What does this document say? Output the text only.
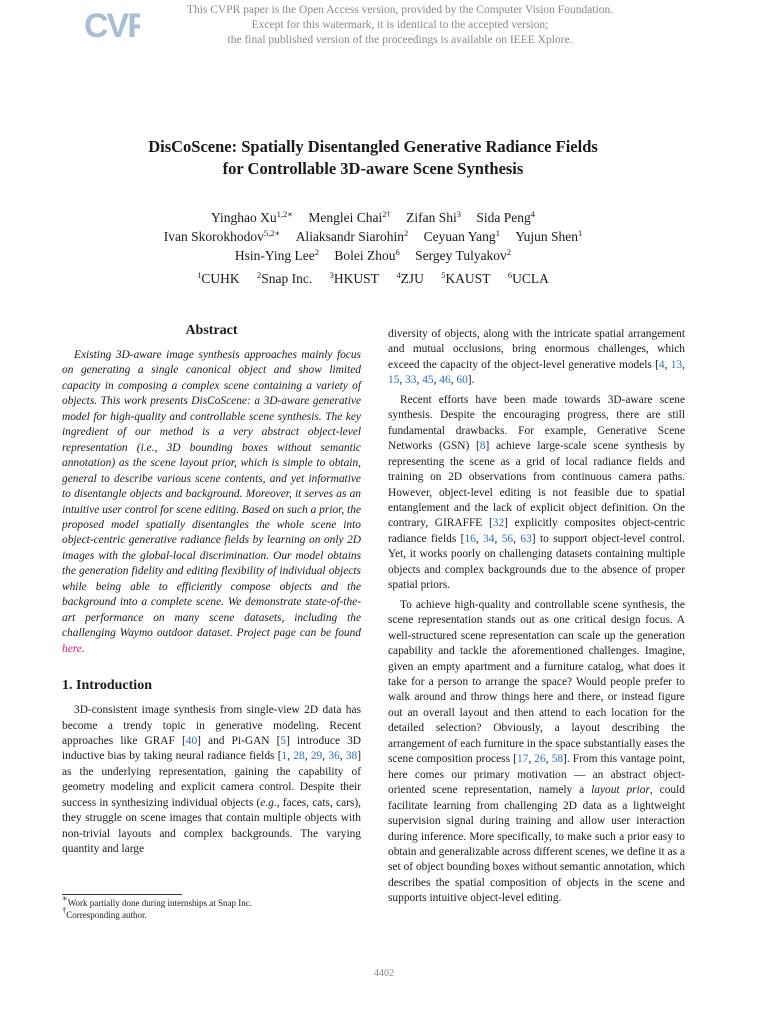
CVF	This CVPR paper is the Open Access version, provided by the Computer Vision Foundation.
Except for this watermark, it is identical to the accepted version;
the final published version of the proceedings is available on IEEE Xplore.
DisCoScene: Spatially Disentangled Generative Radiance Fields
for Controllable 3D-aware Scene Synthesis
Yinghao $Xu^{1,2∗}$ Menglei Chai$^{2\dagger}$ Zifan Shi$^3$ Sida Peng$^4$
Ivan Skorokhodov$^{5,2∗}$ Aliaksandr Siarohin$^2$ Ceyuan Yang$^1$ Yujun Shen$^1$
Hsin-Ying Lee$^2$ Bolei Zhou$^6$ Sergey Tulyakov$^2$
$^1$CUHK $^2$Snap Inc. $^3$HKUST $^4$ZJU $^5$KAUST $^6$UCLA
Abstract

Existing 3D-aware image synthesis approaches mainly focus on generating a single canonical object and show limited capacity in composing a complex scene containing a variety of objects. This work presents DisCoScene: a 3D-aware generative model for high-quality and controllable scene synthesis. The key ingredient of our method is a very abstract object-level representation (i.e., 3D bounding boxes without semantic annotation) as the scene layout prior, which is simple to obtain, general to describe various scene contents, and yet informative to disentangle objects and background. Moreover, it serves as an intuitive user control for scene editing. Based on such a prior, the proposed model spatially disentangles the whole scene into object-centric generative radiance fields by learning on only 2D images with the global-local discrimination. Our model obtains the generation fidelity and editing flexibility of individual objects while being able to efficiently compose objects and the background into a complete scene. We demonstrate state-of-the-art performance on many scene datasets, including the challenging Waymo outdoor dataset. Project page can be found here.

1. Introduction

3D-consistent image synthesis from single-view 2D data has become a trendy topic in generative modeling. Recent approaches like GRAF [40] and Pi-GAN [5] introduce 3D inductive bias by taking neural radiance fields [1, 28, 29, 36, 38] as the underlying representation, gaining the capability of geometry modeling and explicit camera control. Despite their success in synthesizing individual objects (e.g., faces, cats, cars), they struggle on scene images that contain multiple objects with non-trivial layouts and complex backgrounds. The varying quantity and large

diversity of objects, along with the intricate spatial arrangement and mutual occlusions, bring enormous challenges, which exceed the capacity of the object-level generative models [4, 13, 15, 33, 45, 46, 60].

Recent efforts have been made towards 3D-aware scene synthesis. Despite the encouraging progress, there are still fundamental drawbacks. For example, Generative Scene Networks (GSN) [8] achieve large-scale scene synthesis by representing the scene as a grid of local radiance fields and training on 2D observations from continuous camera paths. However, object-level editing is not feasible due to spatial entanglement and the lack of explicit object definition. On the contrary, GIRAFFE [32] explicitly composites object-centric radiance fields [16, 34, 56, 63] to support object-level control. Yet, it works poorly on challenging datasets containing multiple objects and complex backgrounds due to the absence of proper spatial priors.

To achieve high-quality and controllable scene synthesis, the scene representation stands out as one critical design focus. A well-structured scene representation can scale up the generation capability and tackle the aforementioned challenges. Imagine, given an empty apartment and a furniture catalog, what does it take for a person to arrange the space? Would people prefer to walk around and throw things here and there, or instead figure out an overall layout and then attend to each location for the detailed selection? Obviously, a layout describing the arrangement of each furniture in the space substantially eases the scene composition process [17, 26, 58]. From this vantage point, here comes our primary motivation — an abstract object-oriented scene representation, namely a layout prior, could facilitate learning from challenging 2D data as a lightweight supervision signal during training and allow user interaction during inference. More specifically, to make such a prior easy to obtain and generalizable across different scenes, we define it as a set of object bounding boxes without semantic annotation, which describes the spatial composition of objects in the scene and supports intuitive object-level editing.

∗Work partially done during internships at Snap Inc.
†Corresponding author.
4402
